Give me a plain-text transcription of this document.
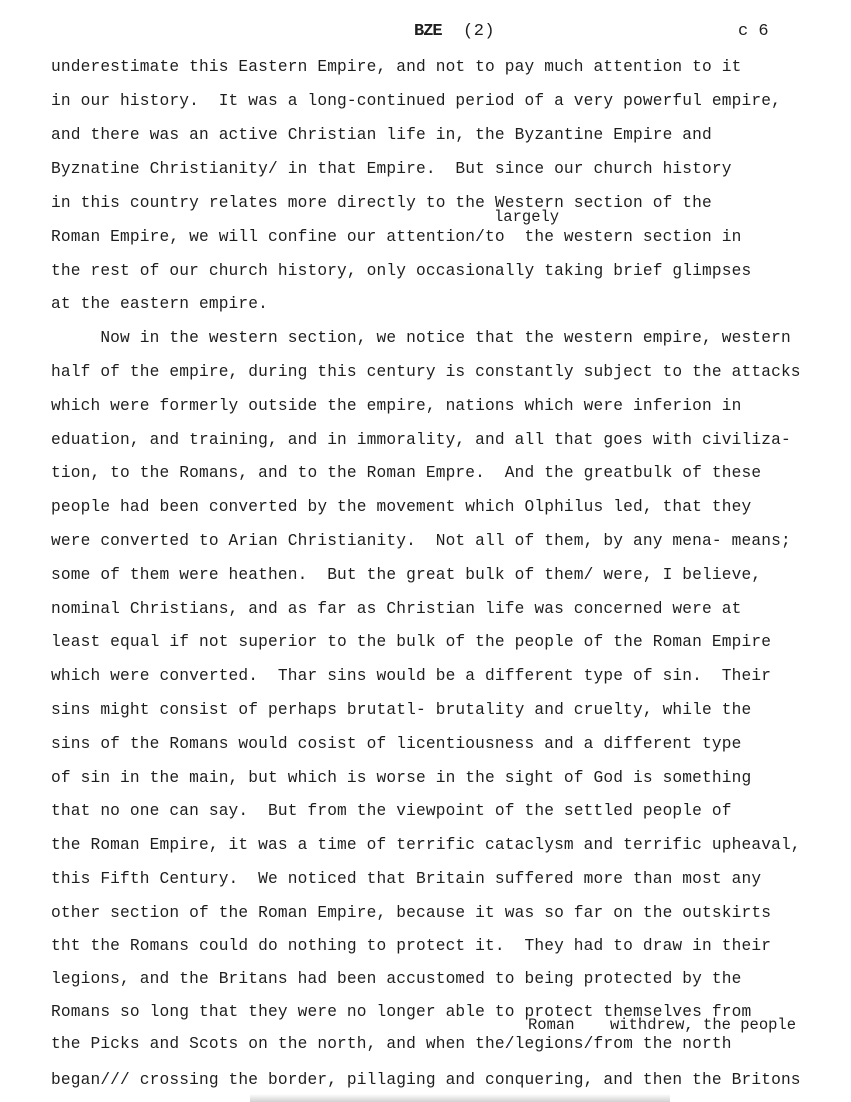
BZE (2)	c 6
underestimate this Eastern Empire, and not to pay much attention to it
in our history.  It was a long-continued period of a very powerful empire,
and there was an active Christian life in, the Byzantine Empire and
Byznatine Christianity/ in that Empire.  But since our church history
in this country relates more directly to the Western section of the
largely
Roman Empire, we will confine our attention/to  the western section in
the rest of our church history, only occasionally taking brief glimpses
at the eastern empire.
Now in the western section, we notice that the western empire, western
half of the empire, during this century is constantly subject to the attacks
which were formerly outside the empire, nations which were inferion in
eduation, and training, and in immorality, and all that goes with civiliza-
tion, to the Romans, and to the Roman Empre.  And the greatbulk of these
people had been converted by the movement which Olphilus led, that they
were converted to Arian Christianity.  Not all of them, by any mena- means;
some of them were heathen.  But the great bulk of them/ were, I believe,
nominal Christians, and as far as Christian life was concerned were at
least equal if not superior to the bulk of the people of the Roman Empire
which were converted.  Thar sins would be a different type of sin.  Their
sins might consist of perhaps brutatl- brutality and cruelty, while the
sins of the Romans would cosist of licentiousness and a different type
of sin in the main, but which is worse in the sight of God is something
that no one can say.  But from the viewpoint of the settled people of
the Roman Empire, it was a time of terrific cataclysm and terrific upheaval,
this Fifth Century.  We noticed that Britain suffered more than most any
other section of the Roman Empire, because it was so far on the outskirts
tht the Romans could do nothing to protect it.  They had to draw in their
legions, and the Britans had been accustomed to being protected by the
Romans so long that they were no longer able to protect themselves from
Roman withdrew, the people
the Picks and Scots on the north, and when the/legions/from the north
began/// crossing the border, pillaging and conquering, and then the Britons
